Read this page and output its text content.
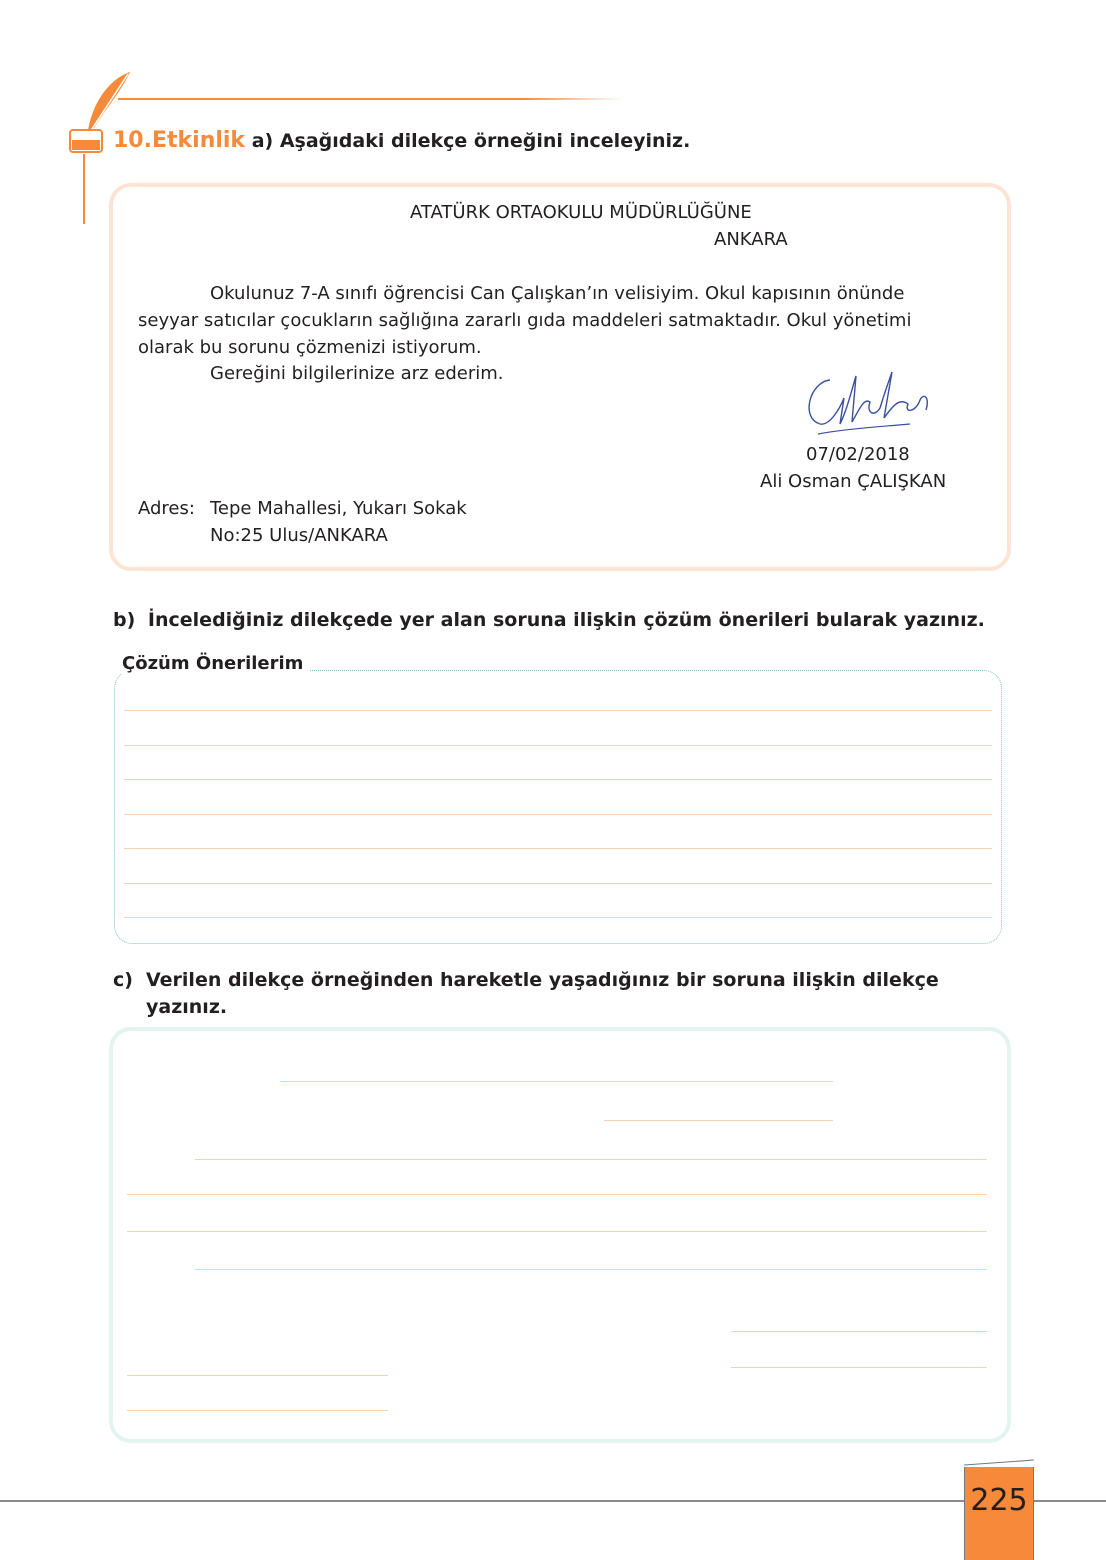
10.Etkinlik a) Aşağıdaki dilekçe örneğini inceleyiniz.
ATATÜRK ORTAOKULU MÜDÜRLÜĞÜNE
ANKARA
Okulunuz 7-A sınıfı öğrencisi Can Çalışkan’ın velisiyim. Okul kapısının önünde
seyyar satıcılar çocukların sağlığına zararlı gıda maddeleri satmaktadır. Okul yönetimi
olarak bu sorunu çözmenizi istiyorum.
Gereğini bilgilerinize arz ederim.
07/02/2018
Ali Osman ÇALIŞKAN
Adres: Tepe Mahallesi, Yukarı Sokak
No:25 Ulus/ANKARA
b) İncelediğiniz dilekçede yer alan soruna ilişkin çözüm önerileri bularak yazınız.
Çözüm Önerilerim
c) Verilen dilekçe örneğinden hareketle yaşadığınız bir soruna ilişkin dilekçe
yazınız.
225
